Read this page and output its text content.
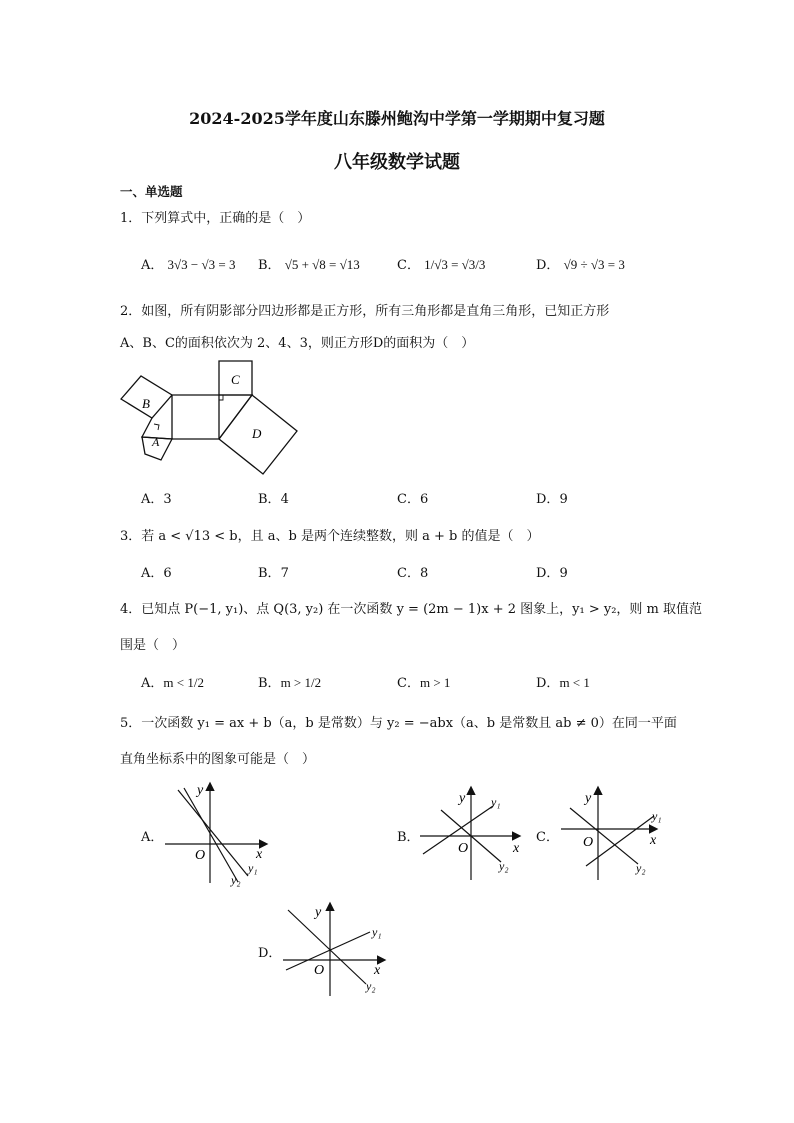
2024-2025学年度山东滕州鲍沟中学第一学期期中复习题
八年级数学试题
一、单选题
1．下列算式中，正确的是（　）
A． 3√3 − √3 = 3 B． √5 + √8 = √13	C． 1/√3 = √3/3	D． √9 ÷ √3 = 3
2．如图，所有阴影部分四边形都是正方形，所有三角形都是直角三角形，已知正方形
A、B、C的面积依次为 2、4、3，则正方形D的面积为（　）
B
A
C
D
A．3	B．4	C．6	D．9
3．若 a < √13 < b，且 a、b 是两个连续整数，则 a + b 的值是（　）
A．6	B．7	C．8	D．9
4．已知点 P(−1, y₁)、点 Q(3, y₂) 在一次函数 y = (2m − 1)x + 2 图象上，y₁ > y₂，则 m 取值范
围是（　）
A．m < 1/2	B．m > 1/2	C．m > 1	D．m < 1
5．一次函数 y₁ = ax + b（a，b 是常数）与 y₂ = −abx（a、b 是常数且 ab ≠ 0）在同一平面
直角坐标系中的图象可能是（　）
A．
y
x
O
y₁
y₂
B．
y
x
O
y₁
y₂
C．
y
x
O
y₁
y₂
D．
y
x
O
y₁
y₂
